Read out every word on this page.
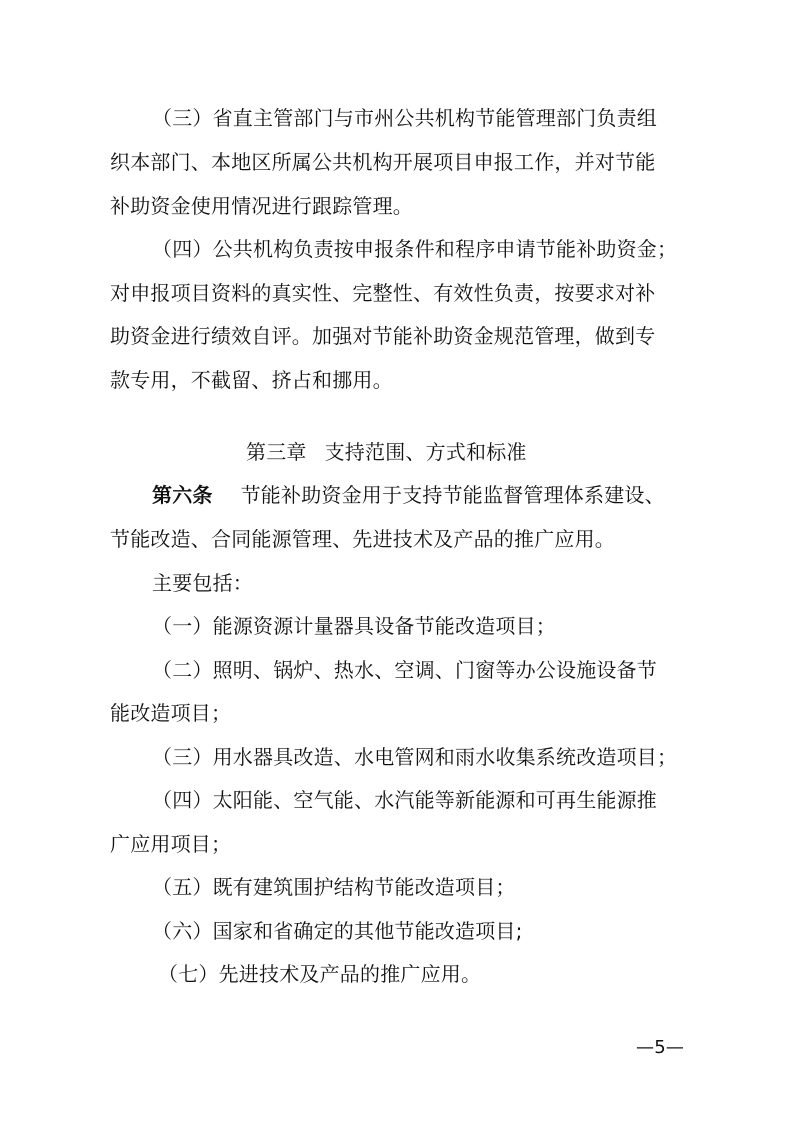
（三）省直主管部门与市州公共机构节能管理部门负责组
织本部门、本地区所属公共机构开展项目申报工作，并对节能
补助资金使用情况进行跟踪管理。
（四）公共机构负责按申报条件和程序申请节能补助资金；
对申报项目资料的真实性、完整性、有效性负责，按要求对补
助资金进行绩效自评。加强对节能补助资金规范管理，做到专
款专用，不截留、挤占和挪用。
第三章 支持范围、方式和标准
第六条 节能补助资金用于支持节能监督管理体系建设、
节能改造、合同能源管理、先进技术及产品的推广应用。
主要包括：
（一）能源资源计量器具设备节能改造项目；
（二）照明、锅炉、热水、空调、门窗等办公设施设备节
能改造项目；
（三）用水器具改造、水电管网和雨水收集系统改造项目；
（四）太阳能、空气能、水汽能等新能源和可再生能源推
广应用项目；
（五）既有建筑围护结构节能改造项目；
（六）国家和省确定的其他节能改造项目;
（七）先进技术及产品的推广应用。
—5—
